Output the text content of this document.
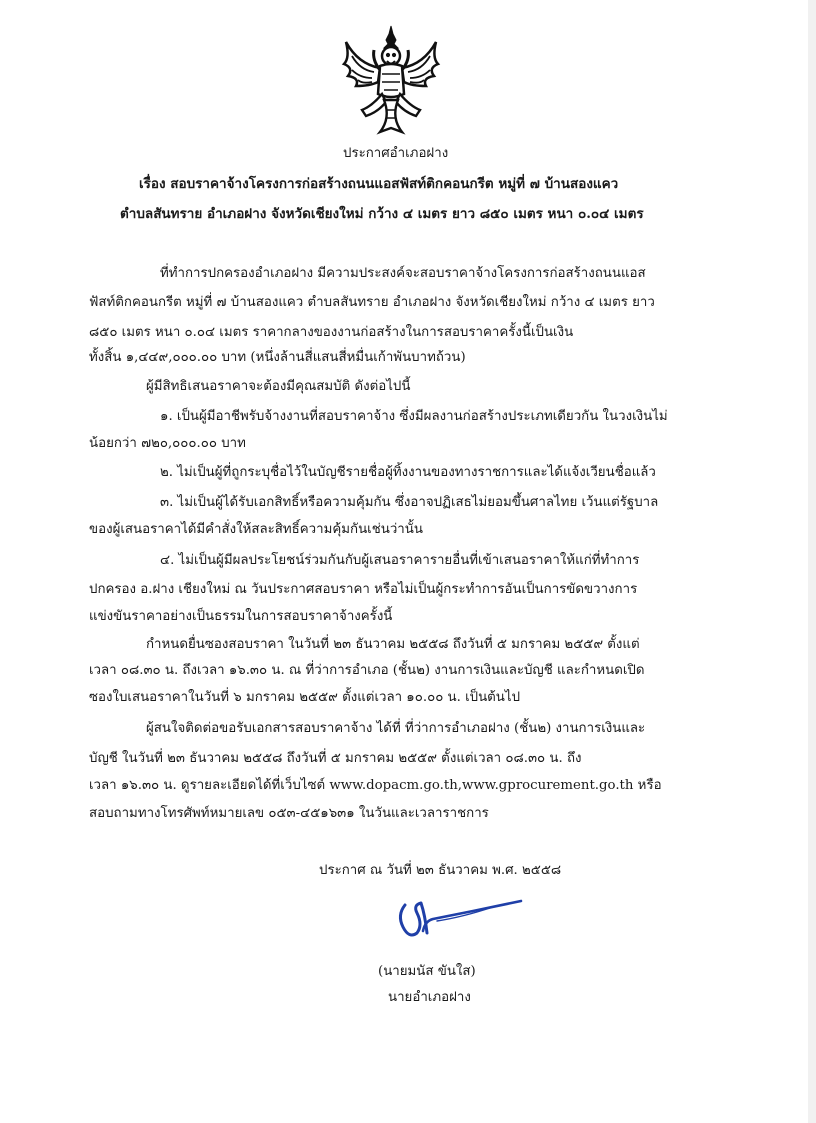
ประกาศอำเภอฝาง
เรื่อง สอบราคาจ้างโครงการก่อสร้างถนนแอสฟัสท์ติกคอนกรีต หมู่ที่ ๗ บ้านสองแคว
ตำบลสันทราย อำเภอฝาง จังหวัดเชียงใหม่ กว้าง ๔ เมตร ยาว ๘๕๐ เมตร หนา ๐.๐๔ เมตร
ที่ทำการปกครองอำเภอฝาง มีความประสงค์จะสอบราคาจ้างโครงการก่อสร้างถนนแอส
ฟัสท์ติกคอนกรีต หมู่ที่ ๗ บ้านสองแคว ตำบลสันทราย อำเภอฝาง จังหวัดเชียงใหม่ กว้าง ๔ เมตร ยาว
๘๕๐ เมตร หนา ๐.๐๔ เมตร ราคากลางของงานก่อสร้างในการสอบราคาครั้งนี้เป็นเงิน
ทั้งสิ้น ๑,๔๔๙,๐๐๐.๐๐ บาท (หนึ่งล้านสี่แสนสี่หมื่นเก้าพันบาทถ้วน)
ผู้มีสิทธิเสนอราคาจะต้องมีคุณสมบัติ ดังต่อไปนี้
๑. เป็นผู้มีอาชีพรับจ้างงานที่สอบราคาจ้าง ซึ่งมีผลงานก่อสร้างประเภทเดียวกัน ในวงเงินไม่
น้อยกว่า ๗๒๐,๐๐๐.๐๐ บาท
๒. ไม่เป็นผู้ที่ถูกระบุชื่อไว้ในบัญชีรายชื่อผู้ทิ้งงานของทางราชการและได้แจ้งเวียนชื่อแล้ว
๓. ไม่เป็นผู้ได้รับเอกสิทธิ์หรือความคุ้มกัน ซึ่งอาจปฏิเสธไม่ยอมขึ้นศาลไทย เว้นแต่รัฐบาล
ของผู้เสนอราคาได้มีคำสั่งให้สละสิทธิ์ความคุ้มกันเช่นว่านั้น
๔. ไม่เป็นผู้มีผลประโยชน์ร่วมกันกับผู้เสนอราคารายอื่นที่เข้าเสนอราคาให้แก่ที่ทำการ
ปกครอง อ.ฝาง เชียงใหม่ ณ วันประกาศสอบราคา หรือไม่เป็นผู้กระทำการอันเป็นการขัดขวางการ
แข่งขันราคาอย่างเป็นธรรมในการสอบราคาจ้างครั้งนี้
กำหนดยื่นซองสอบราคา ในวันที่ ๒๓ ธันวาคม ๒๕๕๘ ถึงวันที่ ๕ มกราคม ๒๕๕๙ ตั้งแต่
เวลา ๐๘.๓๐ น. ถึงเวลา ๑๖.๓๐ น. ณ ที่ว่าการอำเภอ (ชั้น๒) งานการเงินและบัญชี และกำหนดเปิด
ซองใบเสนอราคาในวันที่ ๖ มกราคม ๒๕๕๙ ตั้งแต่เวลา ๑๐.๐๐ น. เป็นต้นไป
ผู้สนใจติดต่อขอรับเอกสารสอบราคาจ้าง ได้ที่ ที่ว่าการอำเภอฝาง (ชั้น๒) งานการเงินและ
บัญชี ในวันที่ ๒๓ ธันวาคม ๒๕๕๘ ถึงวันที่ ๕ มกราคม ๒๕๕๙ ตั้งแต่เวลา ๐๘.๓๐ น. ถึง
เวลา ๑๖.๓๐ น. ดูรายละเอียดได้ที่เว็บไซต์ www.dopacm.go.th,www.gprocurement.go.th หรือ
สอบถามทางโทรศัพท์หมายเลข ๐๕๓-๔๕๑๖๓๑ ในวันและเวลาราชการ
ประกาศ ณ วันที่ ๒๓ ธันวาคม พ.ศ. ๒๕๕๘
(นายมนัส ขันใส)
นายอำเภอฝาง
